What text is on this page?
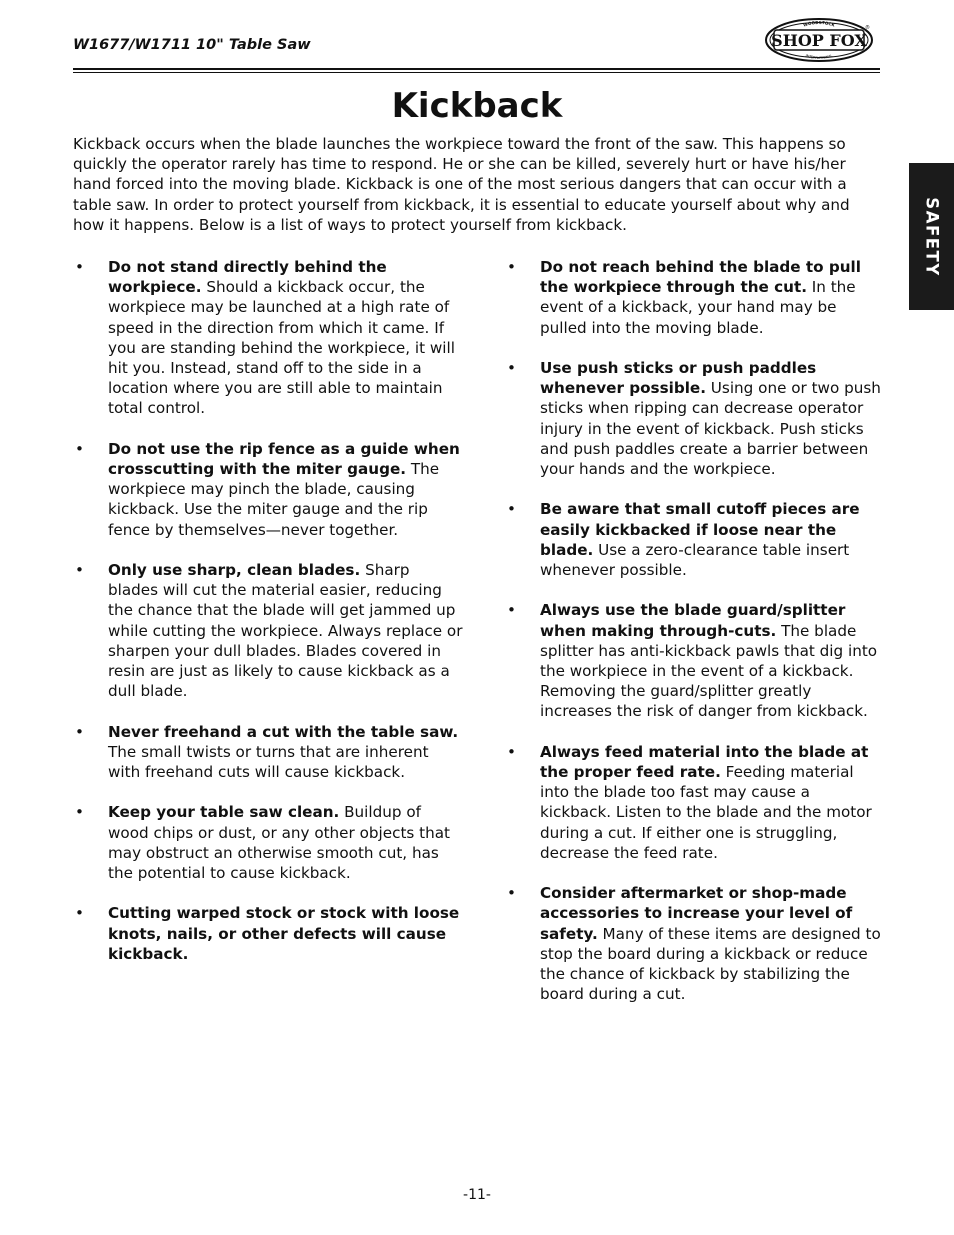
W1677/W1711 10" Table Saw	SHOP FOX
WOODSTOCK
INTERNATIONAL
®
Kickback

Kickback occurs when the blade launches the workpiece toward the front of the saw. This happens so quickly the operator rarely has time to respond. He or she can be killed, severely hurt or have his/her hand forced into the moving blade. Kickback is one of the most serious dangers that can occur with a table saw. In order to protect yourself from kickback, it is essential to educate yourself about why and how it happens. Below is a list of ways to protect yourself from kickback.	SAFETY
• Do not stand directly behind the workpiece. Should a kickback occur, the workpiece may be launched at a high rate of speed in the direction from which it came. If you are standing behind the workpiece, it will hit you. Instead, stand off to the side in a location where you are still able to maintain total control.
• Do not use the rip fence as a guide when crosscutting with the miter gauge. The workpiece may pinch the blade, causing kickback. Use the miter gauge and the rip fence by themselves—never together.
• Only use sharp, clean blades. Sharp blades will cut the material easier, reducing the chance that the blade will get jammed up while cutting the workpiece. Always replace or sharpen your dull blades. Blades covered in resin are just as likely to cause kickback as a dull blade.
• Never freehand a cut with the table saw. The small twists or turns that are inherent with freehand cuts will cause kickback.
• Keep your table saw clean. Buildup of wood chips or dust, or any other objects that may obstruct an otherwise smooth cut, has the potential to cause kickback.
• Cutting warped stock or stock with loose knots, nails, or other defects will cause kickback.
• Do not reach behind the blade to pull the workpiece through the cut. In the event of a kickback, your hand may be pulled into the moving blade.
• Use push sticks or push paddles whenever possible. Using one or two push sticks when ripping can decrease operator injury in the event of kickback. Push sticks and push paddles create a barrier between your hands and the workpiece.
• Be aware that small cutoff pieces are easily kickbacked if loose near the blade. Use a zero-clearance table insert whenever possible.
• Always use the blade guard/splitter when making through-cuts. The blade splitter has anti-kickback pawls that dig into the workpiece in the event of a kickback. Removing the guard/splitter greatly increases the risk of danger from kickback.
• Always feed material into the blade at the proper feed rate. Feeding material into the blade too fast may cause a kickback. Listen to the blade and the motor during a cut. If either one is struggling, decrease the feed rate.
• Consider aftermarket or shop-made accessories to increase your level of safety. Many of these items are designed to stop the board during a kickback or reduce the chance of kickback by stabilizing the board during a cut.
-11-
